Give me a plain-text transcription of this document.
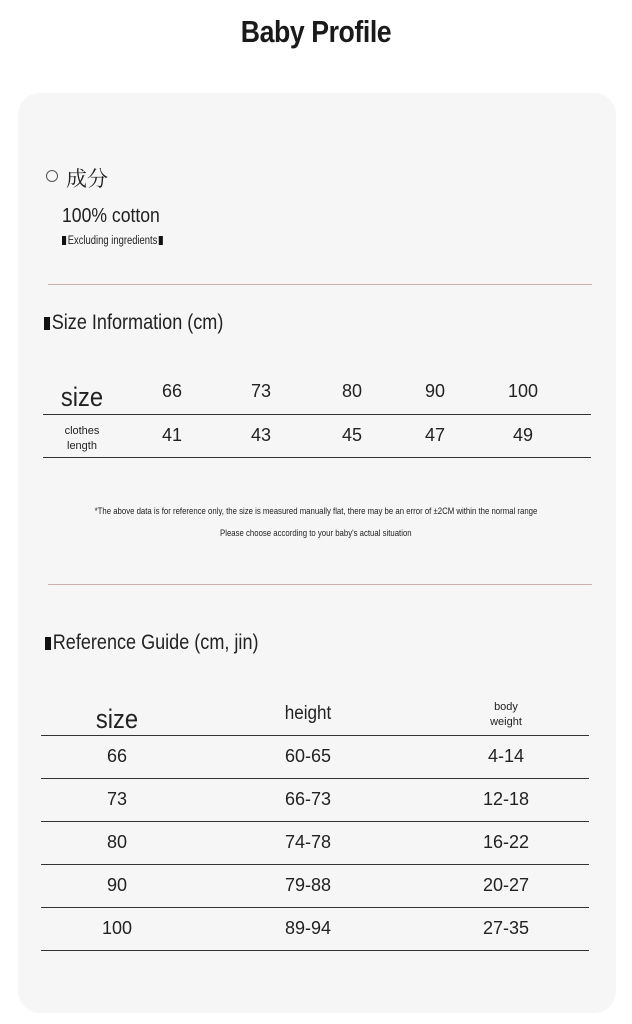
Baby Profile
成分
100% cotton
Excluding ingredients
Size Information (cm)
size	66	73	80	90	100
clothes
length
41	43	45	47	49
*The above data is for reference only, the size is measured manually flat, there may be an error of ±2CM within the normal range
Please choose according to your baby's actual situation
Reference Guide (cm, jin)
size	height	body
weight
66	60-65	4-14
73	66-73	12-18
80	74-78	16-22
90	79-88	20-27
100	89-94	27-35
